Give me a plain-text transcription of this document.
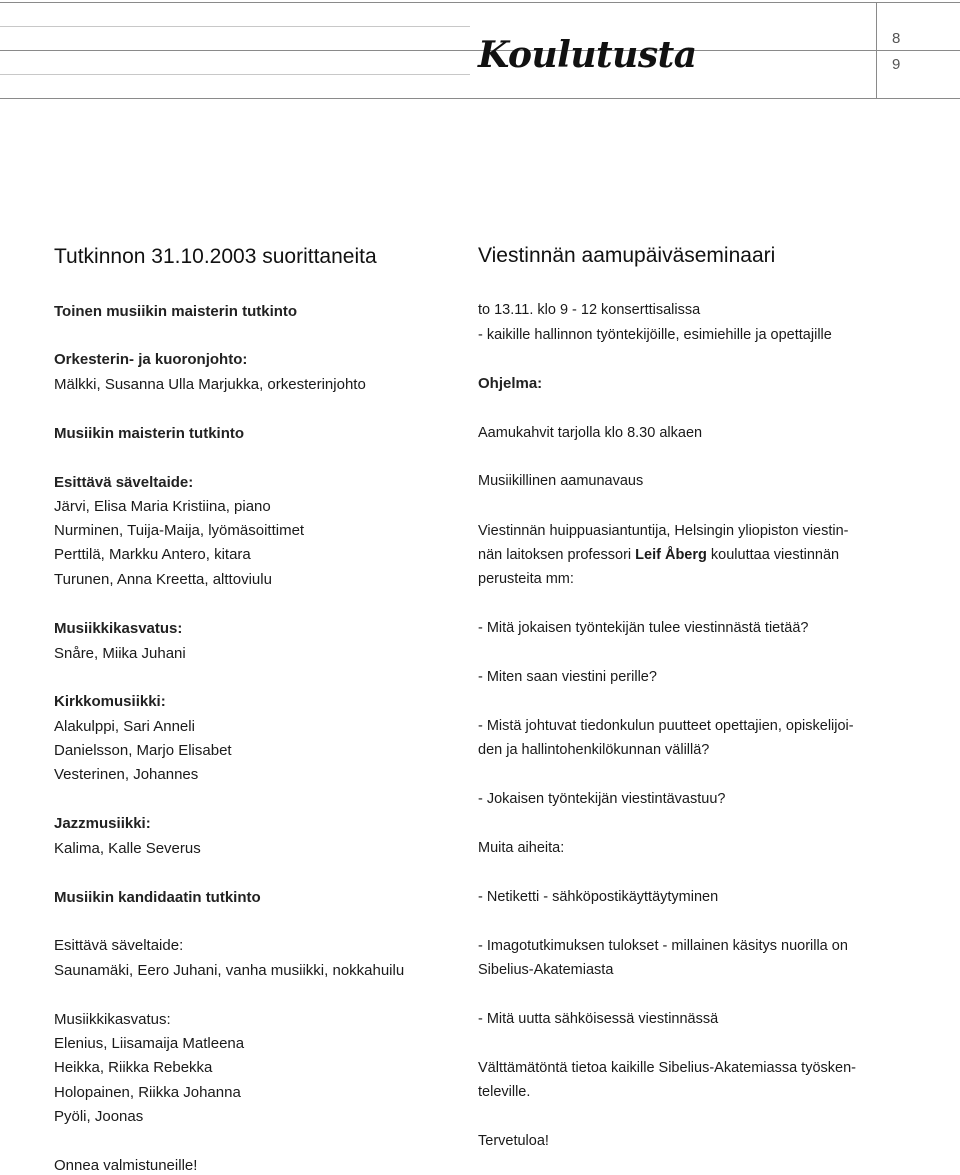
Koulutusta	8
9
Tutkinnon 31.10.2003 suorittaneita
Toinen musiikin maisterin tutkinto
Orkesterin- ja kuoronjohto:
Mälkki, Susanna Ulla Marjukka, orkesterinjohto
Musiikin maisterin tutkinto
Esittävä säveltaide:
Järvi, Elisa Maria Kristiina, piano
Nurminen, Tuija-Maija, lyömäsoittimet
Perttilä, Markku Antero, kitara
Turunen, Anna Kreetta, alttoviulu
Musiikkikasvatus:
Snåre, Miika Juhani
Kirkkomusiikki:
Alakulppi, Sari Anneli
Danielsson, Marjo Elisabet
Vesterinen, Johannes
Jazzmusiikki:
Kalima, Kalle Severus
Musiikin kandidaatin tutkinto
Esittävä säveltaide:
Saunamäki, Eero Juhani, vanha musiikki, nokkahuilu
Musiikkikasvatus:
Elenius, Liisamaija Matleena
Heikka, Riikka Rebekka
Holopainen, Riikka Johanna
Pyöli, Joonas
Onnea valmistuneille!
Viestinnän aamupäiväseminaari
to 13.11. klo 9 - 12 konserttisalissa
- kaikille hallinnon työntekijöille, esimiehille ja opettajille
Ohjelma:
Aamukahvit tarjolla klo 8.30 alkaen
Musiikillinen aamunavaus
Viestinnän huippuasiantuntija, Helsingin yliopiston viestin-
nän laitoksen professori Leif Åberg kouluttaa viestinnän
perusteita mm:
- Mitä jokaisen työntekijän tulee viestinnästä tietää?
- Miten saan viestini perille?
- Mistä johtuvat tiedonkulun puutteet opettajien, opiskelijoi-
den ja hallintohenkilökunnan välillä?
- Jokaisen työntekijän viestintävastuu?
Muita aiheita:
- Netiketti - sähköpostikäyttäytyminen
- Imagotutkimuksen tulokset - millainen käsitys nuorilla on
Sibelius-Akatemiasta
- Mitä uutta sähköisessä viestinnässä
Välttämätöntä tietoa kaikille Sibelius-Akatemiassa työsken-
televille.
Tervetuloa!
